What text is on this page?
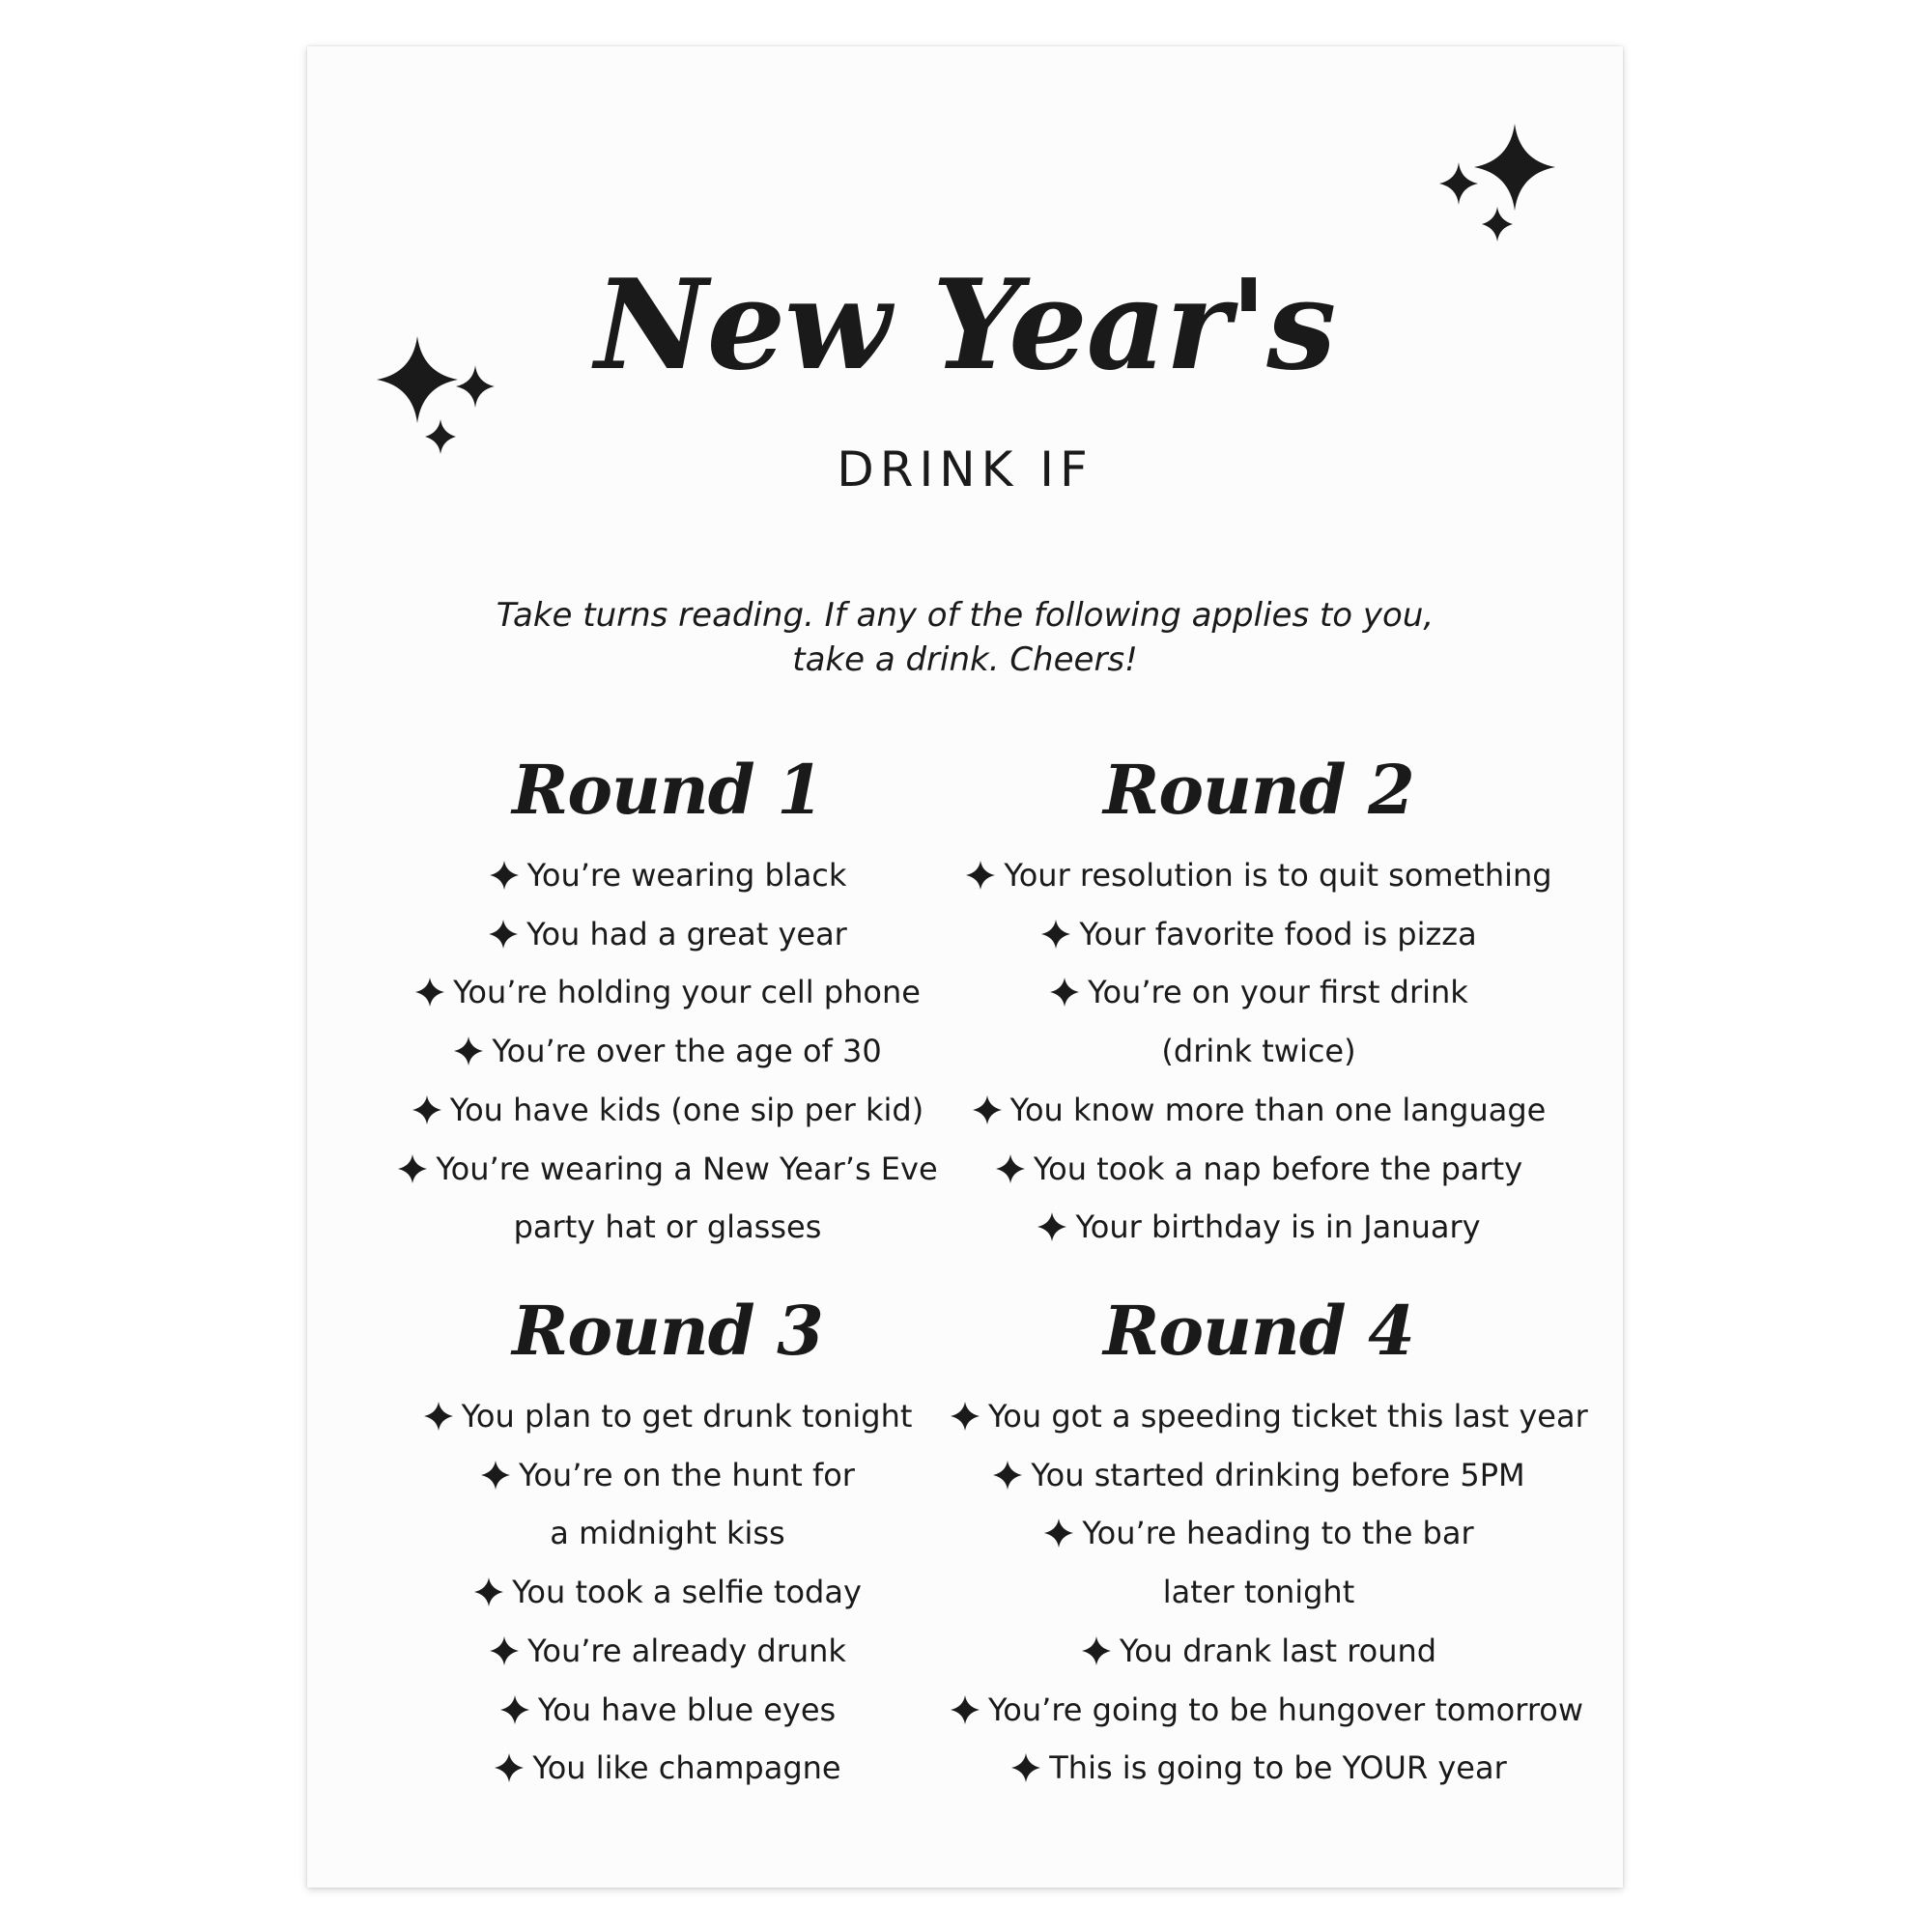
New Year's
DRINK IF
Take turns reading. If any of the following applies to you,
take a drink. Cheers!
Round 1
You’re wearing black
You had a great year
You’re holding your cell phone
You’re over the age of 30
You have kids (one sip per kid)
You’re wearing a New Year’s Eve
party hat or glasses
Round 2
Your resolution is to quit something
Your favorite food is pizza
You’re on your first drink
(drink twice)
You know more than one language
You took a nap before the party
Your birthday is in January
Round 3
You plan to get drunk tonight
You’re on the hunt for
a midnight kiss
You took a selfie today
You’re already drunk
You have blue eyes
You like champagne
Round 4
You got a speeding ticket this last year
You started drinking before 5PM
You’re heading to the bar
later tonight
You drank last round
You’re going to be hungover tomorrow
This is going to be YOUR year
